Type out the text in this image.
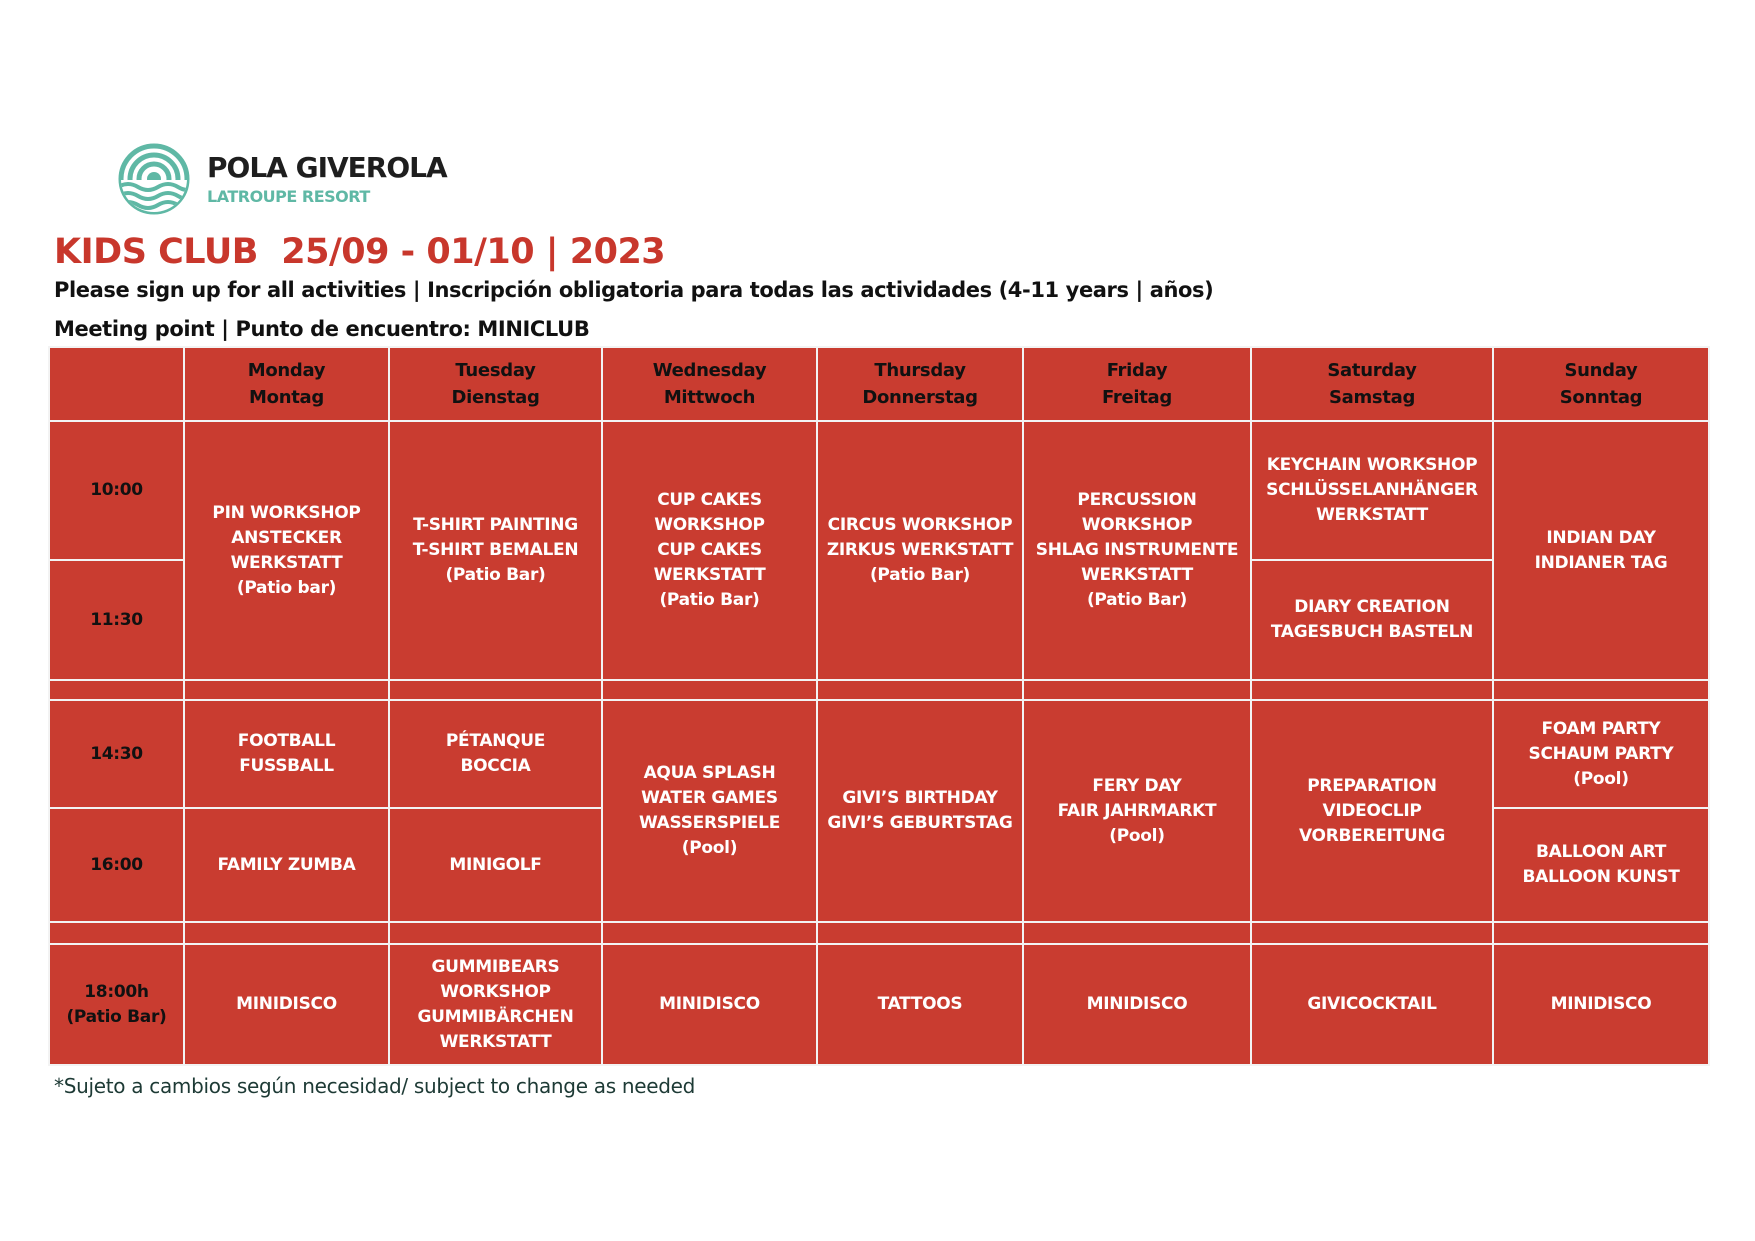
POLA GIVEROLA
LATROUPE RESORT
KIDS CLUB  25/09 - 01/10 | 2023
Please sign up for all activities | Inscripción obligatoria para todas las actividades (4-11 years | años)
Meeting point | Punto de encuentro: MINICLUB
	Monday
Montag	Tuesday
Dienstag	Wednesday
Mittwoch	Thursday
Donnerstag	Friday
Freitag	Saturday
Samstag	Sunday
Sonntag
10:00	PIN WORKSHOP
ANSTECKER
WERKSTATT
(Patio bar)	T-SHIRT PAINTING
T-SHIRT BEMALEN
(Patio Bar)	CUP CAKES
WORKSHOP
CUP CAKES
WERKSTATT
(Patio Bar)	CIRCUS WORKSHOP
ZIRKUS WERKSTATT
(Patio Bar)	PERCUSSION
WORKSHOP
SHLAG INSTRUMENTE
WERKSTATT
(Patio Bar)	KEYCHAIN WORKSHOP
SCHLÜSSELANHÄNGER
WERKSTATT	INDIAN DAY
INDIANER TAG
11:30						DIARY CREATION
TAGESBUCH BASTELN	

14:30	FOOTBALL
FUSSBALL	PÉTANQUE
BOCCIA	AQUA SPLASH
WATER GAMES
WASSERSPIELE
(Pool)	GIVI’S BIRTHDAY
GIVI’S GEBURTSTAG	FERY DAY
FAIR JAHRMARKT
(Pool)	PREPARATION
VIDEOCLIP
VORBEREITUNG	FOAM PARTY
SCHAUM PARTY
(Pool)
16:00	FAMILY ZUMBA	MINIGOLF					BALLOON ART
BALLOON KUNST

18:00h
(Patio Bar)	MINIDISCO	GUMMIBEARS
WORKSHOP
GUMMIBÄRCHEN
WERKSTATT	MINIDISCO	TATTOOS	MINIDISCO	GIVICOCKTAIL	MINIDISCO
*Sujeto a cambios según necesidad/ subject to change as needed
